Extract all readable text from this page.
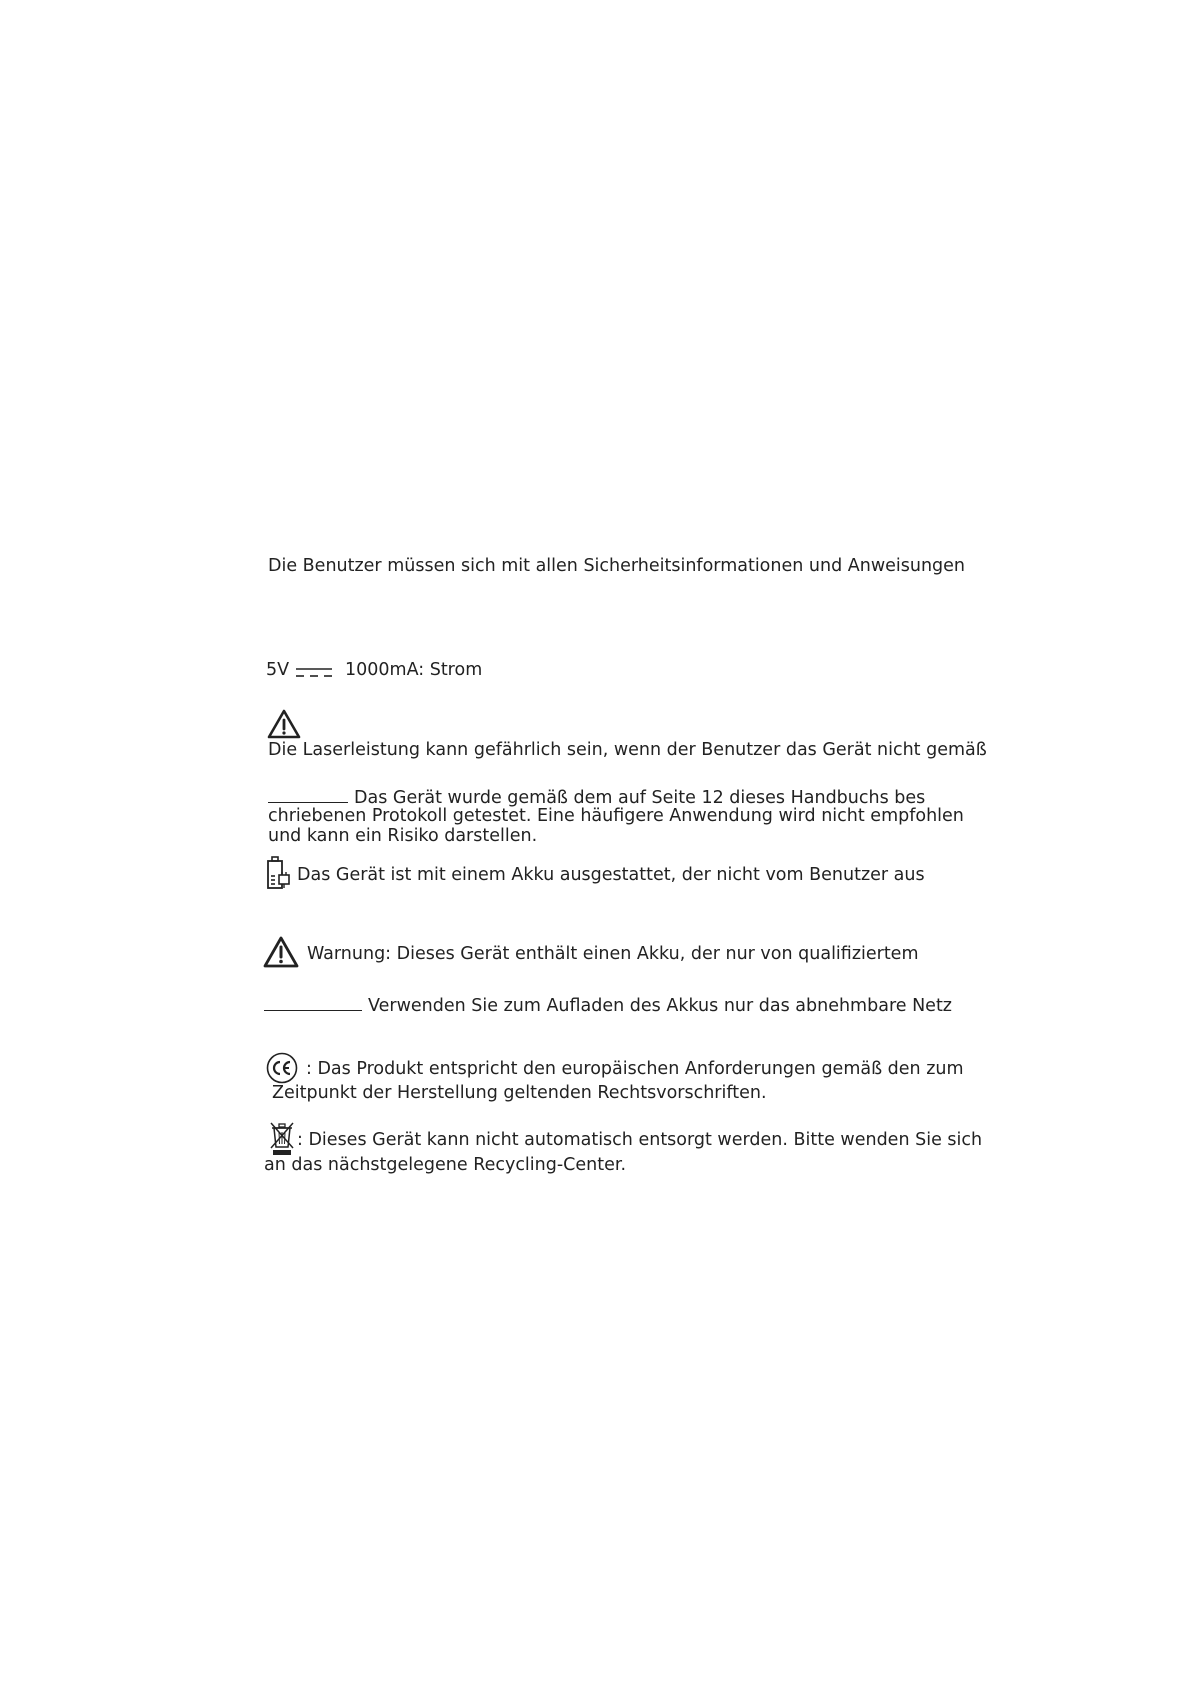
Die Benutzer müssen sich mit allen Sicherheitsinformationen und Anweisungen
5V	1000mA: Strom
Die Laserleistung kann gefährlich sein, wenn der Benutzer das Gerät nicht gemäß
Das Gerät wurde gemäß dem auf Seite 12 dieses Handbuchs bes
chriebenen Protokoll getestet. Eine häufigere Anwendung wird nicht empfohlen
und kann ein Risiko darstellen.
Das Gerät ist mit einem Akku ausgestattet, der nicht vom Benutzer aus
Warnung: Dieses Gerät enthält einen Akku, der nur von qualifiziertem
Verwenden Sie zum Aufladen des Akkus nur das abnehmbare Netz
: Das Produkt entspricht den europäischen Anforderungen gemäß den zum
Zeitpunkt der Herstellung geltenden Rechtsvorschriften.
: Dieses Gerät kann nicht automatisch entsorgt werden. Bitte wenden Sie sich
an das nächstgelegene Recycling-Center.
